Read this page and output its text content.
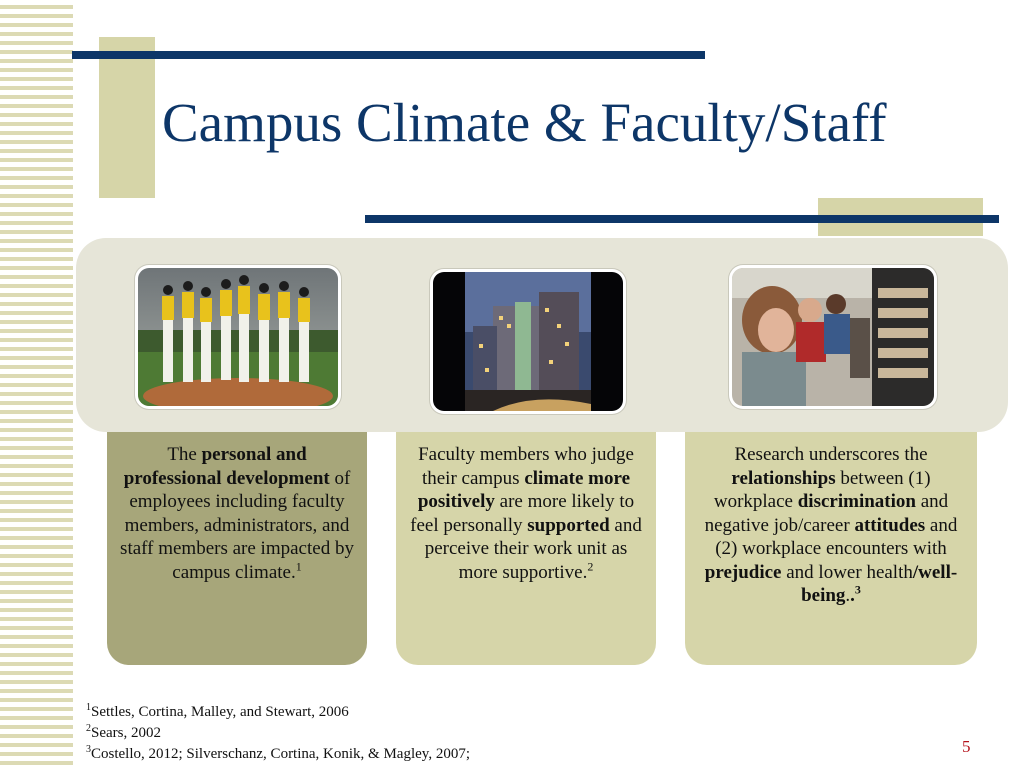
Campus Climate & Faculty/Staff
The personal and professional development of employees including faculty members, administrators, and staff members are impacted by campus climate.$^1$
Faculty members who judge their campus climate more positively are more likely to feel personally supported and perceive their work unit as more supportive.$^2$
Research underscores the relationships between (1) workplace discrimination and negative job/career attitudes and (2) workplace encounters with prejudice and lower health/well-being..$^3$
$^1$Settles, Cortina, Malley, and Stewart, 2006
$^2$Sears, 2002
$^3$Costello, 2012; Silverschanz, Cortina, Konik, & Magley, 2007;	5
